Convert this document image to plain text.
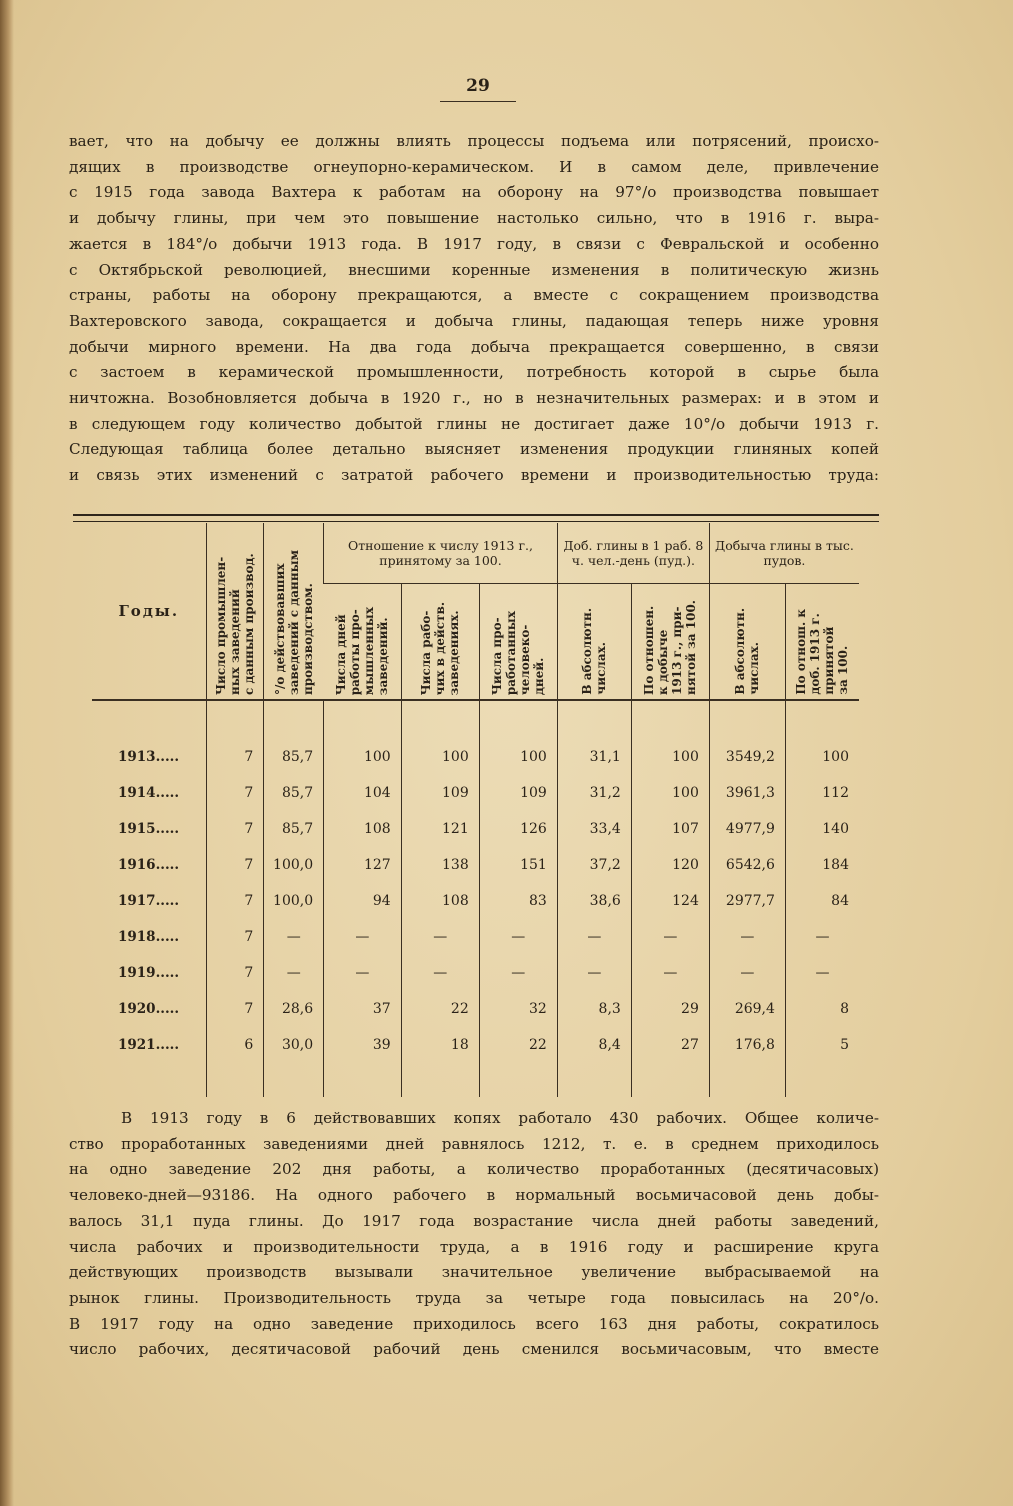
29
вает, что на добычу ее должны влиять процессы подъема или потрясений, происхо-
дящих в производстве огнеупорно-керамическом. И в самом деле, привлечение
с 1915 года завода Вахтера к работам на оборону на 97°/о производства повышает
и добычу глины, при чем это повышение настолько сильно, что в 1916 г. выра-
жается в 184°/о добычи 1913 года. В 1917 году, в связи с Февральской и особенно
с Октябрьской революцией, внесшими коренные изменения в политическую жизнь
страны, работы на оборону прекращаются, а вместе с сокращением производства
Вахтеровского завода, сокращается и добыча глины, падающая теперь ниже уровня
добычи мирного времени. На два года добыча прекращается совершенно, в связи
с застоем в керамической промышленности, потребность которой в сырье была
ничтожна. Возобновляется добыча в 1920 г., но в незначительных размерах: и в этом и
в следующем году количество добытой глины не достигает даже 10°/о добычи 1913 г.
Следующая таблица более детально выясняет изменения продукции глиняных копей
и связь этих изменений с затратой рабочего времени и производительностью труда:
Годы.	Число промышлен-
ных заведений
с данным производ.	°/о действовавших
заведений с данным
производством.	Отношение к числу 1913 г., принятому за 100.			Доб. глины в 1 раб. 8 ч. чел.-день (пуд.).		Добыча глины в тыс. пудов.	

			Числа дней
работы про-
мышленных
заведений.	Числа рабо-
чих в действ.
заведениях.	Числа про-
работанных
человеко-
дней.	В абсолютн.
числах.	По отношен.
к добыче
1913 г., при-
нятой за 100.	В абсолютн.
числах.	По отнош. к
доб. 1913 г.
принятой
за 100.

1913.....	7	85,7	100	100	100	31,1	100	3549,2	100
1914.....	7	85,7	104	109	109	31,2	100	3961,3	112
1915.....	7	85,7	108	121	126	33,4	107	4977,9	140
1916.....	7	100,0	127	138	151	37,2	120	6542,6	184
1917.....	7	100,0	94	108	83	38,6	124	2977,7	84
1918.....	7	—	—	—	—	—	—	—	—
1919.....	7	—	—	—	—	—	—	—	—
1920.....	7	28,6	37	22	32	8,3	29	269,4	8
1921.....	6	30,0	39	18	22	8,4	27	176,8	5

В 1913 году в 6 действовавших копях работало 430 рабочих. Общее количе-
ство проработанных заведениями дней равнялось 1212, т. е. в среднем приходилось
на одно заведение 202 дня работы, а количество проработанных (десятичасовых)
человеко-дней—93186. На одного рабочего в нормальный восьмичасовой день добы-
валось 31,1 пуда глины. До 1917 года возрастание числа дней работы заведений,
числа рабочих и производительности труда, а в 1916 году и расширение круга
действующих производств вызывали значительное увеличение выбрасываемой на
рынок глины. Производительность труда за четыре года повысилась на 20°/о.
В 1917 году на одно заведение приходилось всего 163 дня работы, сократилось
число рабочих, десятичасовой рабочий день сменился восьмичасовым, что вместе
